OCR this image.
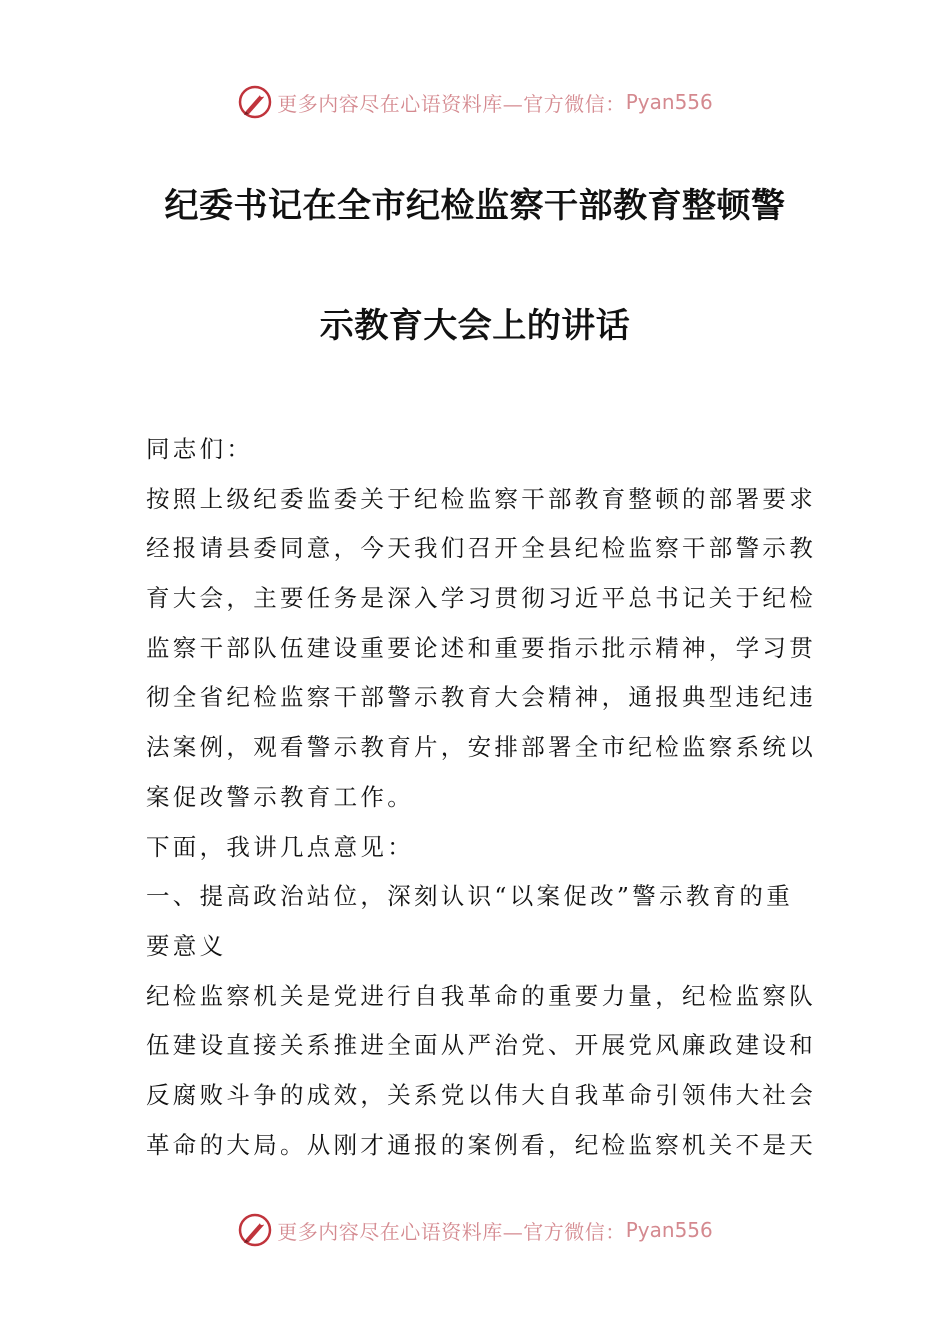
更多内容尽在心语资料库—官方微信： Pyan556
纪委书记在全市纪检监察干部教育整顿警
示教育大会上的讲话
同志们：
按照上级纪委监委关于纪检监察干部教育整顿的部署要求
经报请县委同意，今天我们召开全县纪检监察干部警示教
育大会，主要任务是深入学习贯彻习近平总书记关于纪检
监察干部队伍建设重要论述和重要指示批示精神，学习贯
彻全省纪检监察干部警示教育大会精神，通报典型违纪违
法案例，观看警示教育片，安排部署全市纪检监察系统以
案促改警示教育工作。
下面，我讲几点意见：
一、提高政治站位，深刻认识“以案促改”警示教育的重
要意义
纪检监察机关是党进行自我革命的重要力量，纪检监察队
伍建设直接关系推进全面从严治党、开展党风廉政建设和
反腐败斗争的成效，关系党以伟大自我革命引领伟大社会
革命的大局。从刚才通报的案例看，纪检监察机关不是天
更多内容尽在心语资料库—官方微信： Pyan556
